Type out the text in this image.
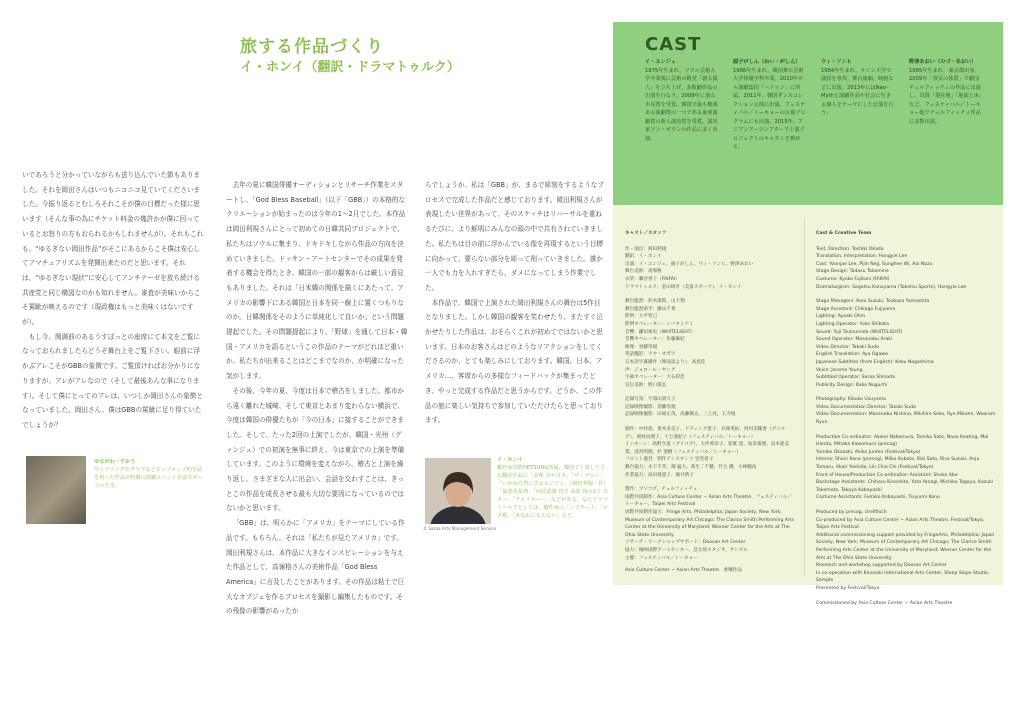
旅する作品づくり
イ・ホンイ（翻訳・ドラマトゥルク）

いであろうと分かっていながらも送り込んでいた節もありました。それを岡田さんはいつもニコニコ見ていてくださいました。今振り返るとむしろそれこそが僕の目標だった様に思います（そんな事の為にチケット料金の幾許かが僕に回っているとお怒りの方もおられるかもしれませんが）。それもこれも、“ゆるぎない岡田作品”がそこにあるからこそ僕は安心してアマチュアリズムを発揮出来たのだと思います。それは、“ゆるぎない現状”に安心してアンチテーゼを放ち続ける共産党と同じ構図なのかも知れません。審査が美味いからこそ罵眦が映えるのです（現政権はもっと美味くはないですが）。

もし今、関満前のあるうすぼっとの座席にて本文をご覧になっておられましたらどうぞ舞台上をご覧下さい。眼前に浮かぶアレこそがGBBの象徴です。ご覧頂ければお分かりになりますが、アレがアレなので（そして最後あんな事になります）。そして僕にとってのアレは、いつしか岡田さんの象徴となっていました。岡田さん、僕はGBBの罵眦に足り得ていたでしょうか？

ゆながわ・すかう
サンプリングモグラフなどピップホップ的手法を用いた作品が特徴の演劇ユニット美富スポーツの主宰。

去年の夏に韓国俳優オーディションとリサーチ作業をスタートし、「God Bless Baseball」（以下「GBB」）の本格的なクリエーションが始まったのは今年の1〜2月でした。本作品は岡田利規さんにとって初めての日韓共同プロジェクトで、私たちはソウルに集まり、ドキドキしながら作品の方向を決めていきました。ドッサン・アートセンターでその成果を発表する機会を得たとき、韓国の一部の観客からは厳しい意見もありました。それは「日米韓の関係を描くにあたって、アメリカの影響下にある韓国と日本を同一線上に置くつもりなのか。日韓関係をそのように単純化して良いか」という問題提起でした。その問題提起により、「野球」を通して日本・韓国・アメリカを語るというこの作品のテーマがどれほど重いか、私たちが出来ることはどこまでなのか、が明確になった気がします。

その後、今年の夏、今度は日本で稽古をしました。都市から遠く離れた城崎、そして東京とあまり変わらない横浜で、今度は韓国の俳優たちが「今の日本」に接することができました。そして、たった2回の上演でしたが、韓国・光州（グァンジュ）での初演を無事に終え、今は東京での上演を準備しています。このように環境を変えながら、稽古と上演を繰り返し、さまざまな人に出会い、会話を交わすことは、きっとこの作品を成長させる最も大切な要因になっているのではないかと思います。

「GBB」は、明らかに「アメリカ」をテーマにしている作品です。もちろん、それは「私たちが見たアメリカ」です。岡田利規さんは、本作品に大きなインスピレーションを与えた作品として、高嶺格さんの美術作品「God Bless America」に言及したことがあります。その作品は粘土で巨大なオブジェを作るプロセスを撮影し編集したものです。その残像の影響があったか

らでしょうか、私は「GBB」が、まるで彫刻をするようなプロセスで完成した作品だと感じております。岡田利規さんが表現したい世界があって、そのスケッチはリハーサルを重ねるたびに、より鮮明にみんなの頭の中で共有されていきました。私たちは目の前に浮かんでいる像を再現するという目標に向かって、要らない部分を彫って削っていきました。誰か一人でも力を入れすぎたら、ダメになってしまう作業でした。

本作品で、韓国で上演された岡田利規さんの舞台は5作目となりました。しかし韓国の観客を笑わせたり、またすぐ泣かせたりした作品は、おそらくこれが初めてではないかと思います。日本のお客さんはどのようなリアクションをしてくださるのか、とても楽しみにしております。韓国、日本、アメリカ…、客席からの多様なフィードバックが集まったとき、やっと完成する作品だと思うからです。どうか、この作品の旅に楽しい気持ちで参加していただけたらと思っております。

© Saraa Arts Management Service
イ・ホンイ
劇作家国際HETSUNG所属。韓国で上演した主な翻訳作品に「金珠 岩や日本」「ザ・ゲロー」「いかれ自然に学ぶエジソン」（岡田利規・作）「最悪英某典」「河原武雄 宮吉 高原 時の2千 スター」「アメリカーハ」などがある。なたドラマトゥルクとしては、劇作家の「シアター上」「ルタ歌」「あなれにならない」など。
CAST
イ・ユンジェ
1975年生まれ。ソウル芸術大学卒業後に芸術の殿堂「創る演人」を立ち上げ、多数劇作品の出演を行なう。2008年に釜山市長賞を受賞。韓国で最も権威ある演劇賞の一つである東亜演劇賞の新人演技賞を受賞。演出家ソン・ギウンの作品に多く出演。
頭子がしん（ねい・がしん）
1986年生まれ。韓国舞台芸術大学俳優学科卒業。2010年から演劇集団「ヘドゥン」に所属。2011年、韓国ダンスコレクション公演に出演。フェスティバル／トーキョーの公募プログラムにも出演。2015年、アジアンアーツシアターで上演プロジェクトのキャストを務める。
ウィ・ソンヒ
1984年生まれ。テジン大学で演技を専攻。舞台演劇、映画などに出演。2013年にはNeo-Mythと演劇作品や社会に生きる個人をテーマにした公演を行う。
野津あおい（のづ・あおい）
1985年生まれ。東京都出身。2009年「蒸気の体質」で劇団チェルフィッチュの作品に出演し、以降「現在地」「地面と床」など。フェスティバル／トーキョー他でチェルフィッチュ作品に多数出演。
キャスト／スタッフ
作・演出：岡田利規
翻訳：イ・ホンイ
出演：イ・ユンジェ、頭子がしん、ウィ・ソンヒ、野津あおい
舞台美術：高嶺格
衣装：藤谷香子（FAIFAI）
ドラマトゥルク：金山研亭（美富スポーツ）、イ・ホンイ
舞台監督：鈴木康郎、山下翔
舞台監督助手：藤山千景
照明：大平智己
照明オペレーター：シバタミナミ
音響：鎌田裕史（WHITELIGHT）
音響オペレーター：佐藤麻紀
映像：須藤崇規
英語翻訳：アヤ・オガワ
日本語字幕操作（韓国語より）：高島佳
声：ジョロール・ヤング
字幕オペレーター：大石彩佳
宣伝美術：野口篤弘
記録写真：宇壽山貴久子
記録映像撮影：須藤崇規
記録映像撮影：田岡正哉、高藤敬太、三上亮、玉寺琉
制作：中村茜、黄木多美子、ドティング恵子、兵庫英佑、河村美稀香（プリコグ）、岡村由理子、十万亜紀子（フェスティバル／トーキョー）
インターン：高野さ恵（プリコグ）、大坪香奈子、松實 達、加奈蓮理、鳥木亜美梨、清宮明理、杉 亜樹（フェスティバル／トーキョー）
フロント運営：制作アシスタンツ 室堂希子
舞台協力：木下千草、畑 猛大、萌生二千穂、竹元 優、小林幌佑
作業協力：高田義恵子、堀井典子
製作：プリコグ、チェルフィッチュ
国際共同制作：Asia Culture Center − Asian Arts Theatre、フェスティバル／トーキョー、Taipei Arts Festival
国際共同制作協力：Fringe Arts, Philadelphia; Japan Society, New York; Museum of Contemporary Art Chicago; The Clarice Smith Performing Arts Center at the University of Maryland; Wexner Center for the Arts at The Ohio State University
リサーチ・ワークショップサポート：Doosan Art Center
協力：城崎国際アートセンター、急な坂スタジオ、サンプル
主催：フェスティバル／トーキョー
Asia Culture Center − Asian Arts Theatre　委嘱作品
Cast & Creative Team
Text, Direction: Toshiki Okada
Translation, Interpretation: Hongyie Lee
Cast: Yoonjae Lee, Pijin Nejj, Sunghee Wi, Aoi Nozu
Stage Design: Tadasu Takamine
Costume: Kyoko Fujitani (FAIFAI)
Dramaturgism: Sagatsu Kanayama (Tobelsu Sports), Hongyie Lee
Stage Managers: Koro Suzuki, Tsubasa Yamashita
Stage Assistant: Chikage Fujiyama
Lighting: Ayaaki Ohm
Lighting Operator: Yuko Shibata
Sound: Yuji Tsutsumida (WHITELIGHT)
Sound Operator: Masanobu Araki
Video Director: Takaki Sudo
English Translation: Aya Ogawa
Japanese Subtitles (from English): Kaku Nagashima
Voice: Jerome Young
Subtitled Operator: Saraa Shinada
Publicity Design: Rako Noguchi
Photography: Kikuko Usuyama
Video Documentation Director: Takaki Sudo
Video Documentation: Masanobu Nishina, Mikihiro Seko, Ryo Mikami, Wooram Ryun
Production Co-ordinator: Akane Nakamura, Tamiko Sato, Naoa Keating, Mai Handa, Mihaka Kawamura (precog)
Yumiko Okazaki, Akiko Junten (Festival/Tokyo)
Interns: Shiori Kono (precog), Miiko Kubota, Riki Sato, Risa Suzuki, Anju Tomaru, Akari Yoshida, Lin Chia Chi (Festival/Tokyo)
Front of House/Production Co-ordination Assistant: Shoko Abe
Backstage Assistants: Chiharu Kinoshita, Yuta Yanagi, Michiko Tagaya, Kazuki Takemoto, Takuya Kobayashi
Costume Assistants: Fumiko Kobayashi, Tsuyumi Kono
Produced by precog, chelfitsch
Co-produced by Asia Culture Center − Asian Arts Theatre, Festival/Tokyo, Taipei Arts Festival
Additional commissioning support provided by FringeArts, Philadelphia; Japan Society, New York; Museum of Contemporary Art Chicago; The Clarice Smith Performing Arts Center at the University of Maryland; Wexner Center for the Arts at The Ohio State University
Research and workshop supported by Doosan Art Center
In co-operation with Kinosaki International Arts Center, Steep Slope Studio, Sample
Presented by Festival/Tokyo
Commissioned by Asia Culture Center − Asian Arts Theatre
